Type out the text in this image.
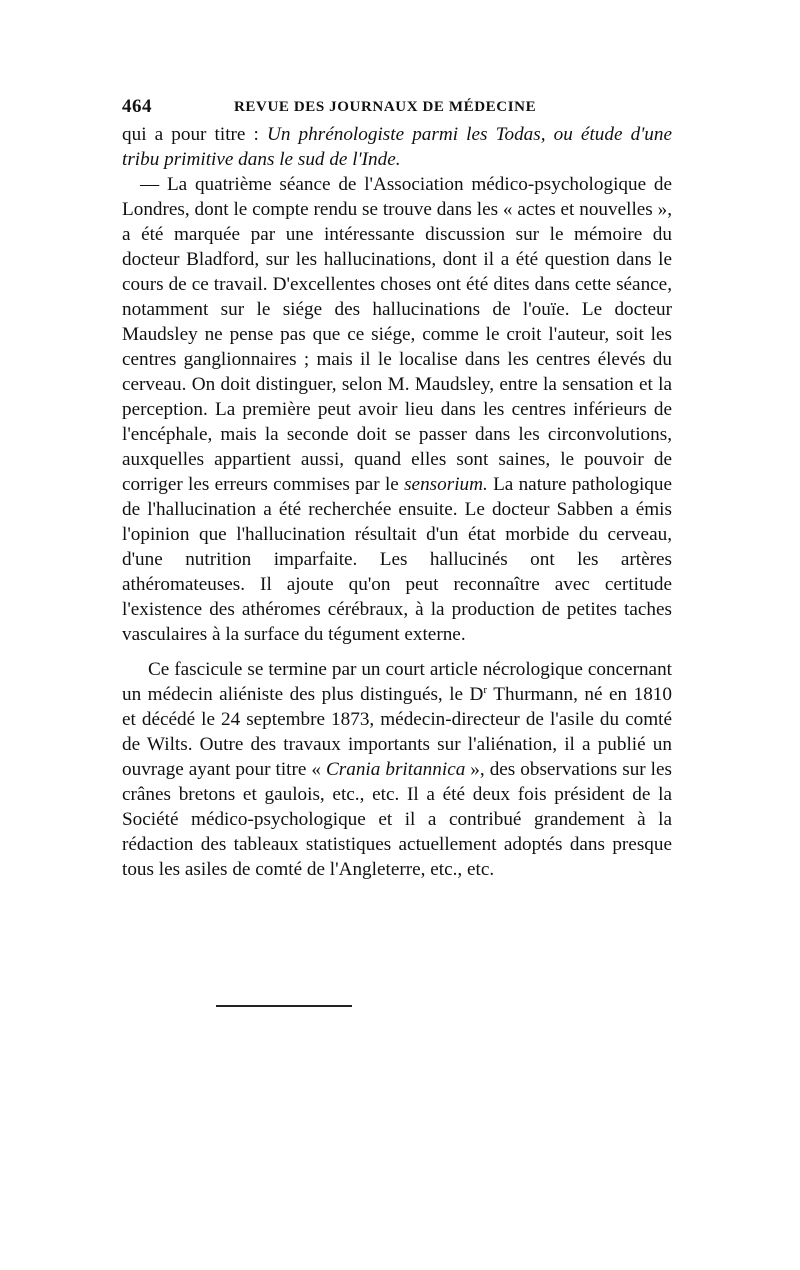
464	REVUE DES JOURNAUX DE MÉDECINE

qui a pour titre : Un phrénologiste parmi les Todas, ou étude d'une tribu primitive dans le sud de l'Inde.

— La quatrième séance de l'Association médico-psychologique de Londres, dont le compte rendu se trouve dans les « actes et nouvelles », a été marquée par une intéressante discussion sur le mémoire du docteur Bladford, sur les hallucinations, dont il a été question dans le cours de ce travail. D'excellentes choses ont été dites dans cette séance, notamment sur le siége des hallucinations de l'ouïe. Le docteur Maudsley ne pense pas que ce siége, comme le croit l'auteur, soit les centres ganglionnaires ; mais il le localise dans les centres élevés du cerveau. On doit distinguer, selon M. Maudsley, entre la sensation et la perception. La première peut avoir lieu dans les centres inférieurs de l'encéphale, mais la seconde doit se passer dans les circonvolutions, auxquelles appartient aussi, quand elles sont saines, le pouvoir de corriger les erreurs commises par le sensorium. La nature pathologique de l'hallucination a été recherchée ensuite. Le docteur Sabben a émis l'opinion que l'hallucination résultait d'un état morbide du cerveau, d'une nutrition imparfaite. Les hallucinés ont les artères athéromateuses. Il ajoute qu'on peut reconnaître avec certitude l'existence des athéromes cérébraux, à la production de petites taches vasculaires à la surface du tégument externe.

Ce fascicule se termine par un court article nécrologique concernant un médecin aliéniste des plus distingués, le $D^r$ Thurmann, né en 1810 et décédé le 24 septembre 1873, médecin-directeur de l'asile du comté de Wilts. Outre des travaux importants sur l'aliénation, il a publié un ouvrage ayant pour titre « Crania britannica », des observations sur les crânes bretons et gaulois, etc., etc. Il a été deux fois président de la Société médico-psychologique et il a contribué grandement à la rédaction des tableaux statistiques actuellement adoptés dans presque tous les asiles de comté de l'Angleterre, etc., etc.
